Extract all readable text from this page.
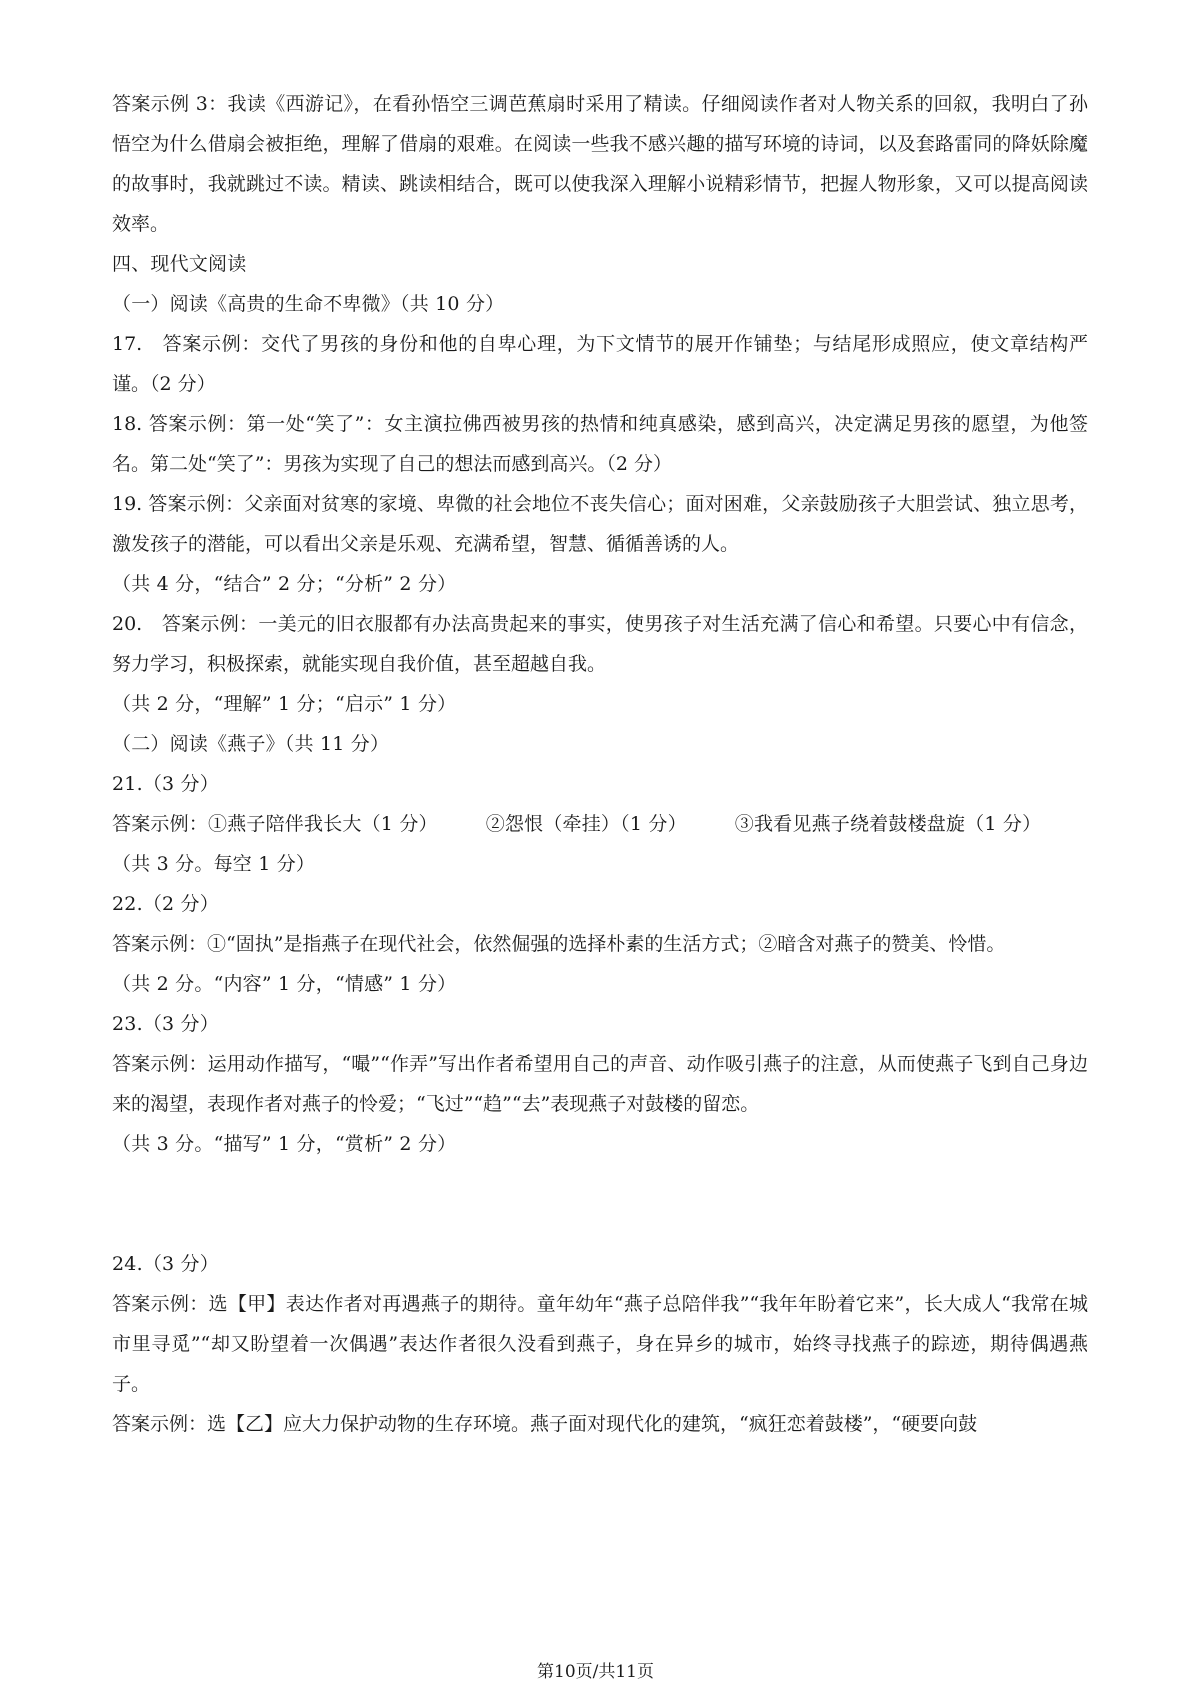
答案示例 3：我读《西游记》，在看孙悟空三调芭蕉扇时采用了精读。仔细阅读作者对人物关系的回叙，我明白了孙悟空为什么借扇会被拒绝，理解了借扇的艰难。在阅读一些我不感兴趣的描写环境的诗词，以及套路雷同的降妖除魔的故事时，我就跳过不读。精读、跳读相结合，既可以使我深入理解小说精彩情节，把握人物形象，又可以提高阅读效率。

四、现代文阅读
（一）阅读《高贵的生命不卑微》（共 10 分）

17.　答案示例：交代了男孩的身份和他的自卑心理，为下文情节的展开作铺垫；与结尾形成照应，使文章结构严谨。（2 分）

18. 答案示例：第一处“笑了”：女主演拉佛西被男孩的热情和纯真感染，感到高兴，决定满足男孩的愿望，为他签名。第二处“笑了”：男孩为实现了自己的想法而感到高兴。（2 分）

19. 答案示例：父亲面对贫寒的家境、卑微的社会地位不丧失信心；面对困难，父亲鼓励孩子大胆尝试、独立思考，激发孩子的潜能，可以看出父亲是乐观、充满希望，智慧、循循善诱的人。

（共 4 分，“结合” 2 分；“分析” 2 分）

20.　答案示例：一美元的旧衣服都有办法高贵起来的事实，使男孩子对生活充满了信心和希望。只要心中有信念，努力学习，积极探索，就能实现自我价值，甚至超越自我。

（共 2 分，“理解” 1 分；“启示” 1 分）
（二）阅读《燕子》（共 11 分）
21.（3 分）
答案示例：①燕子陪伴我长大（1 分）	②怨恨（牵挂）（1 分）	③我看见燕子绕着鼓楼盘旋（1 分）
（共 3 分。每空 1 分）
22.（2 分）

答案示例：①“固执”是指燕子在现代社会，依然倔强的选择朴素的生活方式；②暗含对燕子的赞美、怜惜。

（共 2 分。“内容” 1 分，“情感” 1 分）
23.（3 分）

答案示例：运用动作描写，“嘬”“作弄”写出作者希望用自己的声音、动作吸引燕子的注意，从而使燕子飞到自己身边来的渴望，表现作者对燕子的怜爱；“飞过”“趋”“去”表现燕子对鼓楼的留恋。

（共 3 分。“描写” 1 分，“赏析” 2 分）
24.（3 分）

答案示例：选【甲】表达作者对再遇燕子的期待。童年幼年“燕子总陪伴我”“我年年盼着它来”，长大成人“我常在城市里寻觅”“却又盼望着一次偶遇”表达作者很久没看到燕子，身在异乡的城市，始终寻找燕子的踪迹，期待偶遇燕子。

答案示例：选【乙】应大力保护动物的生存环境。燕子面对现代化的建筑，“疯狂恋着鼓楼”，“硬要向鼓

第10页/共11页
